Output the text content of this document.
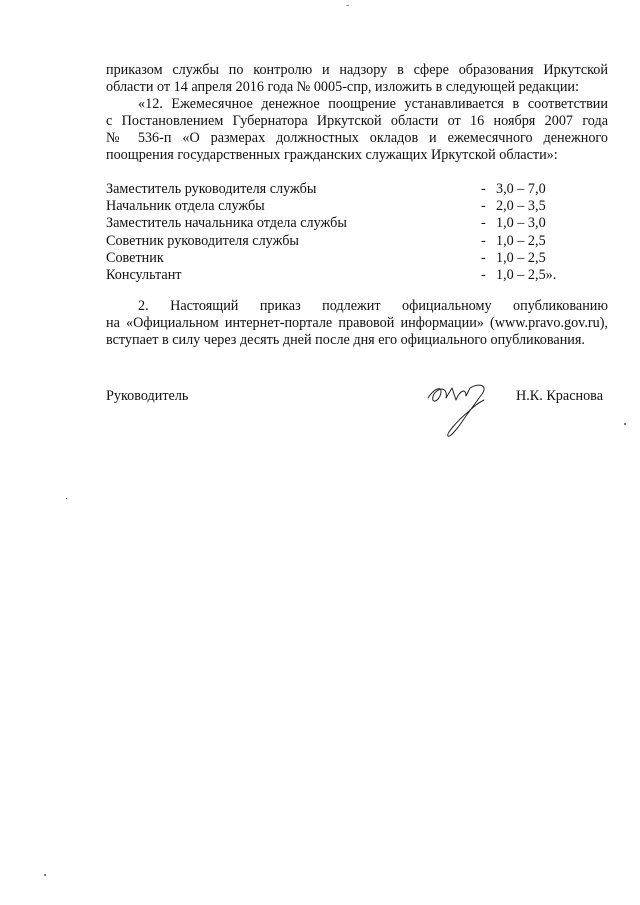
приказом службы по контролю и надзору в сфере образования Иркутской
области от 14 апреля 2016 года № 0005-спр, изложить в следующей редакции:
«12. Ежемесячное денежное поощрение устанавливается в соответствии
с Постановлением Губернатора Иркутской области от 16 ноября 2007 года
№ 536-п «О размерах должностных окладов и ежемесячного денежного
поощрения государственных гражданских служащих Иркутской области»:
Заместитель руководителя службы	- 3,0 – 7,0
Начальник отдела службы	- 2,0 – 3,5
Заместитель начальника отдела службы	- 1,0 – 3,0
Советник руководителя службы	- 1,0 – 2,5
Советник	- 1,0 – 2,5
Консультант	- 1,0 – 2,5».
2. Настоящий приказ подлежит официальному опубликованию
на «Официальном интернет-портале правовой информации» (www.pravo.gov.ru),
вступает в силу через десять дней после дня его официального опубликования.
Руководитель	Н.К. Краснова
